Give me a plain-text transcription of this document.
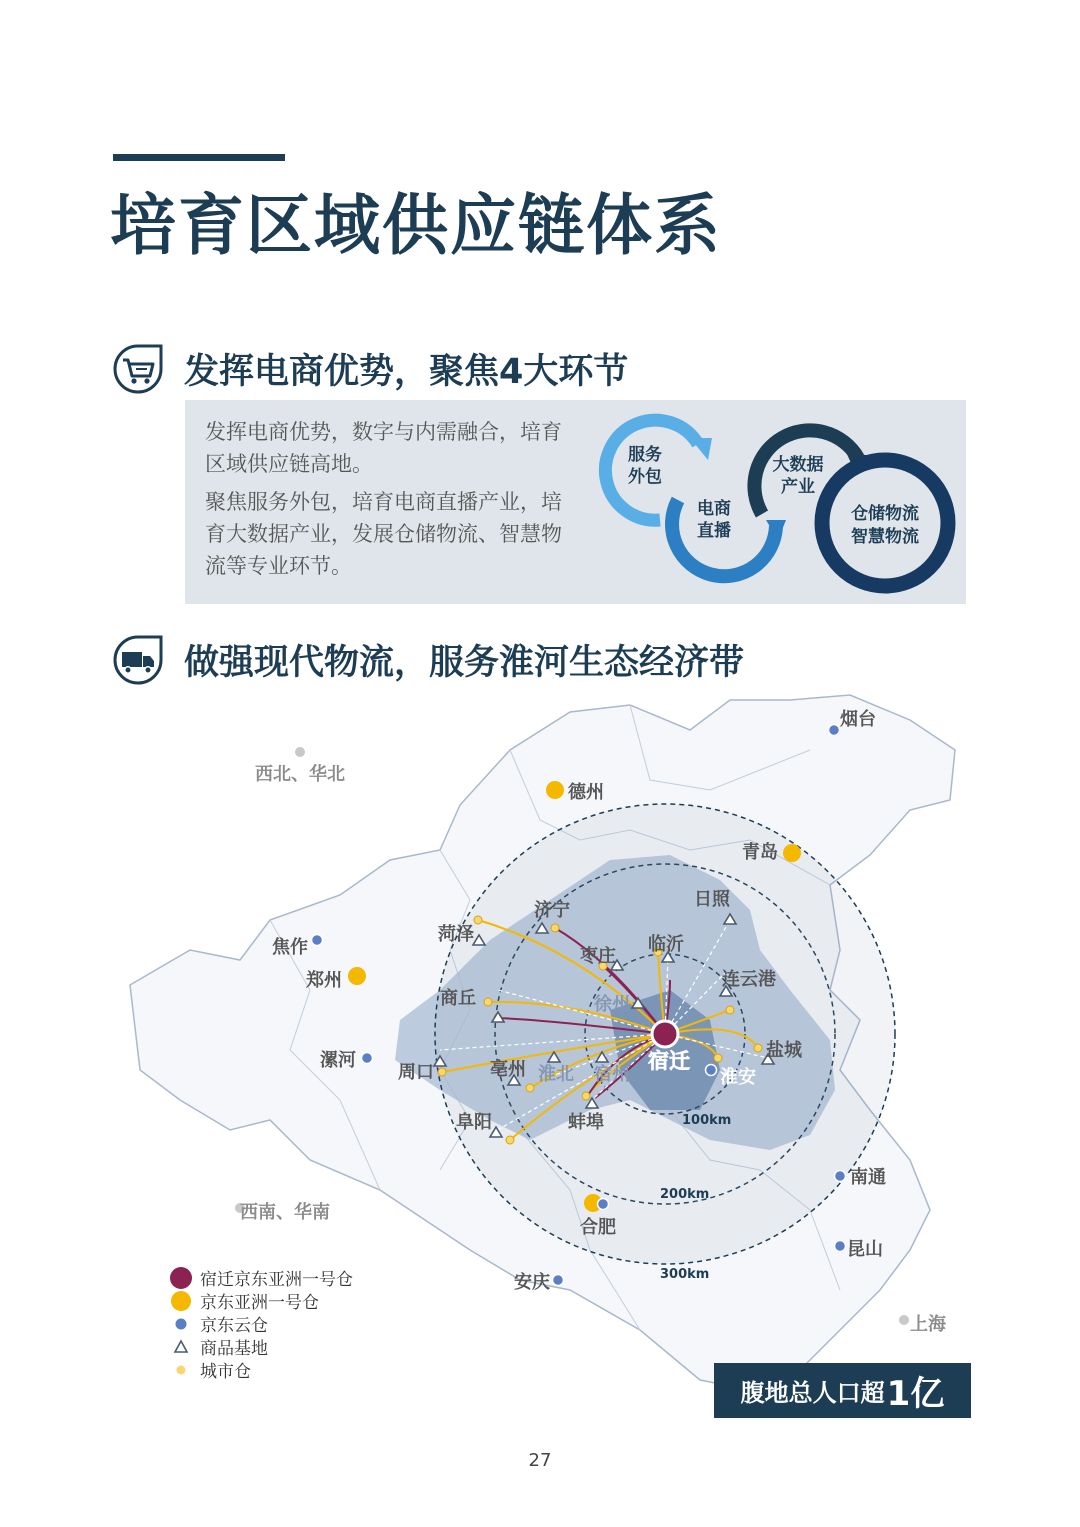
培育区域供应链体系
发挥电商优势，聚焦4大环节

发挥电商优势，数字与内需融合，培育区域供应链高地。

聚焦服务外包，培育电商直播产业，培育大数据产业，发展仓储物流、智慧物流等专业环节。

服务
外包
电商
直播
大数据
产业
仓储物流
智慧物流
做强现代物流，服务淮河生态经济带
100km
200km
300km
西北、华北
西南、华南
上海
德州
青岛
郑州
合肥
烟台
焦作
漯河
淮安
南通
昆山
安庆
菏泽
济宁
日照
临沂
枣庄
连云港
商丘	徐州
周口	亳州 淮北 宿州
蚌埠
阜阳
盐城
宿迁
宿迁京东亚洲一号仓
京东亚洲一号仓
京东云仓
商品基地
城市仓
腹地总人口超 1亿
27
